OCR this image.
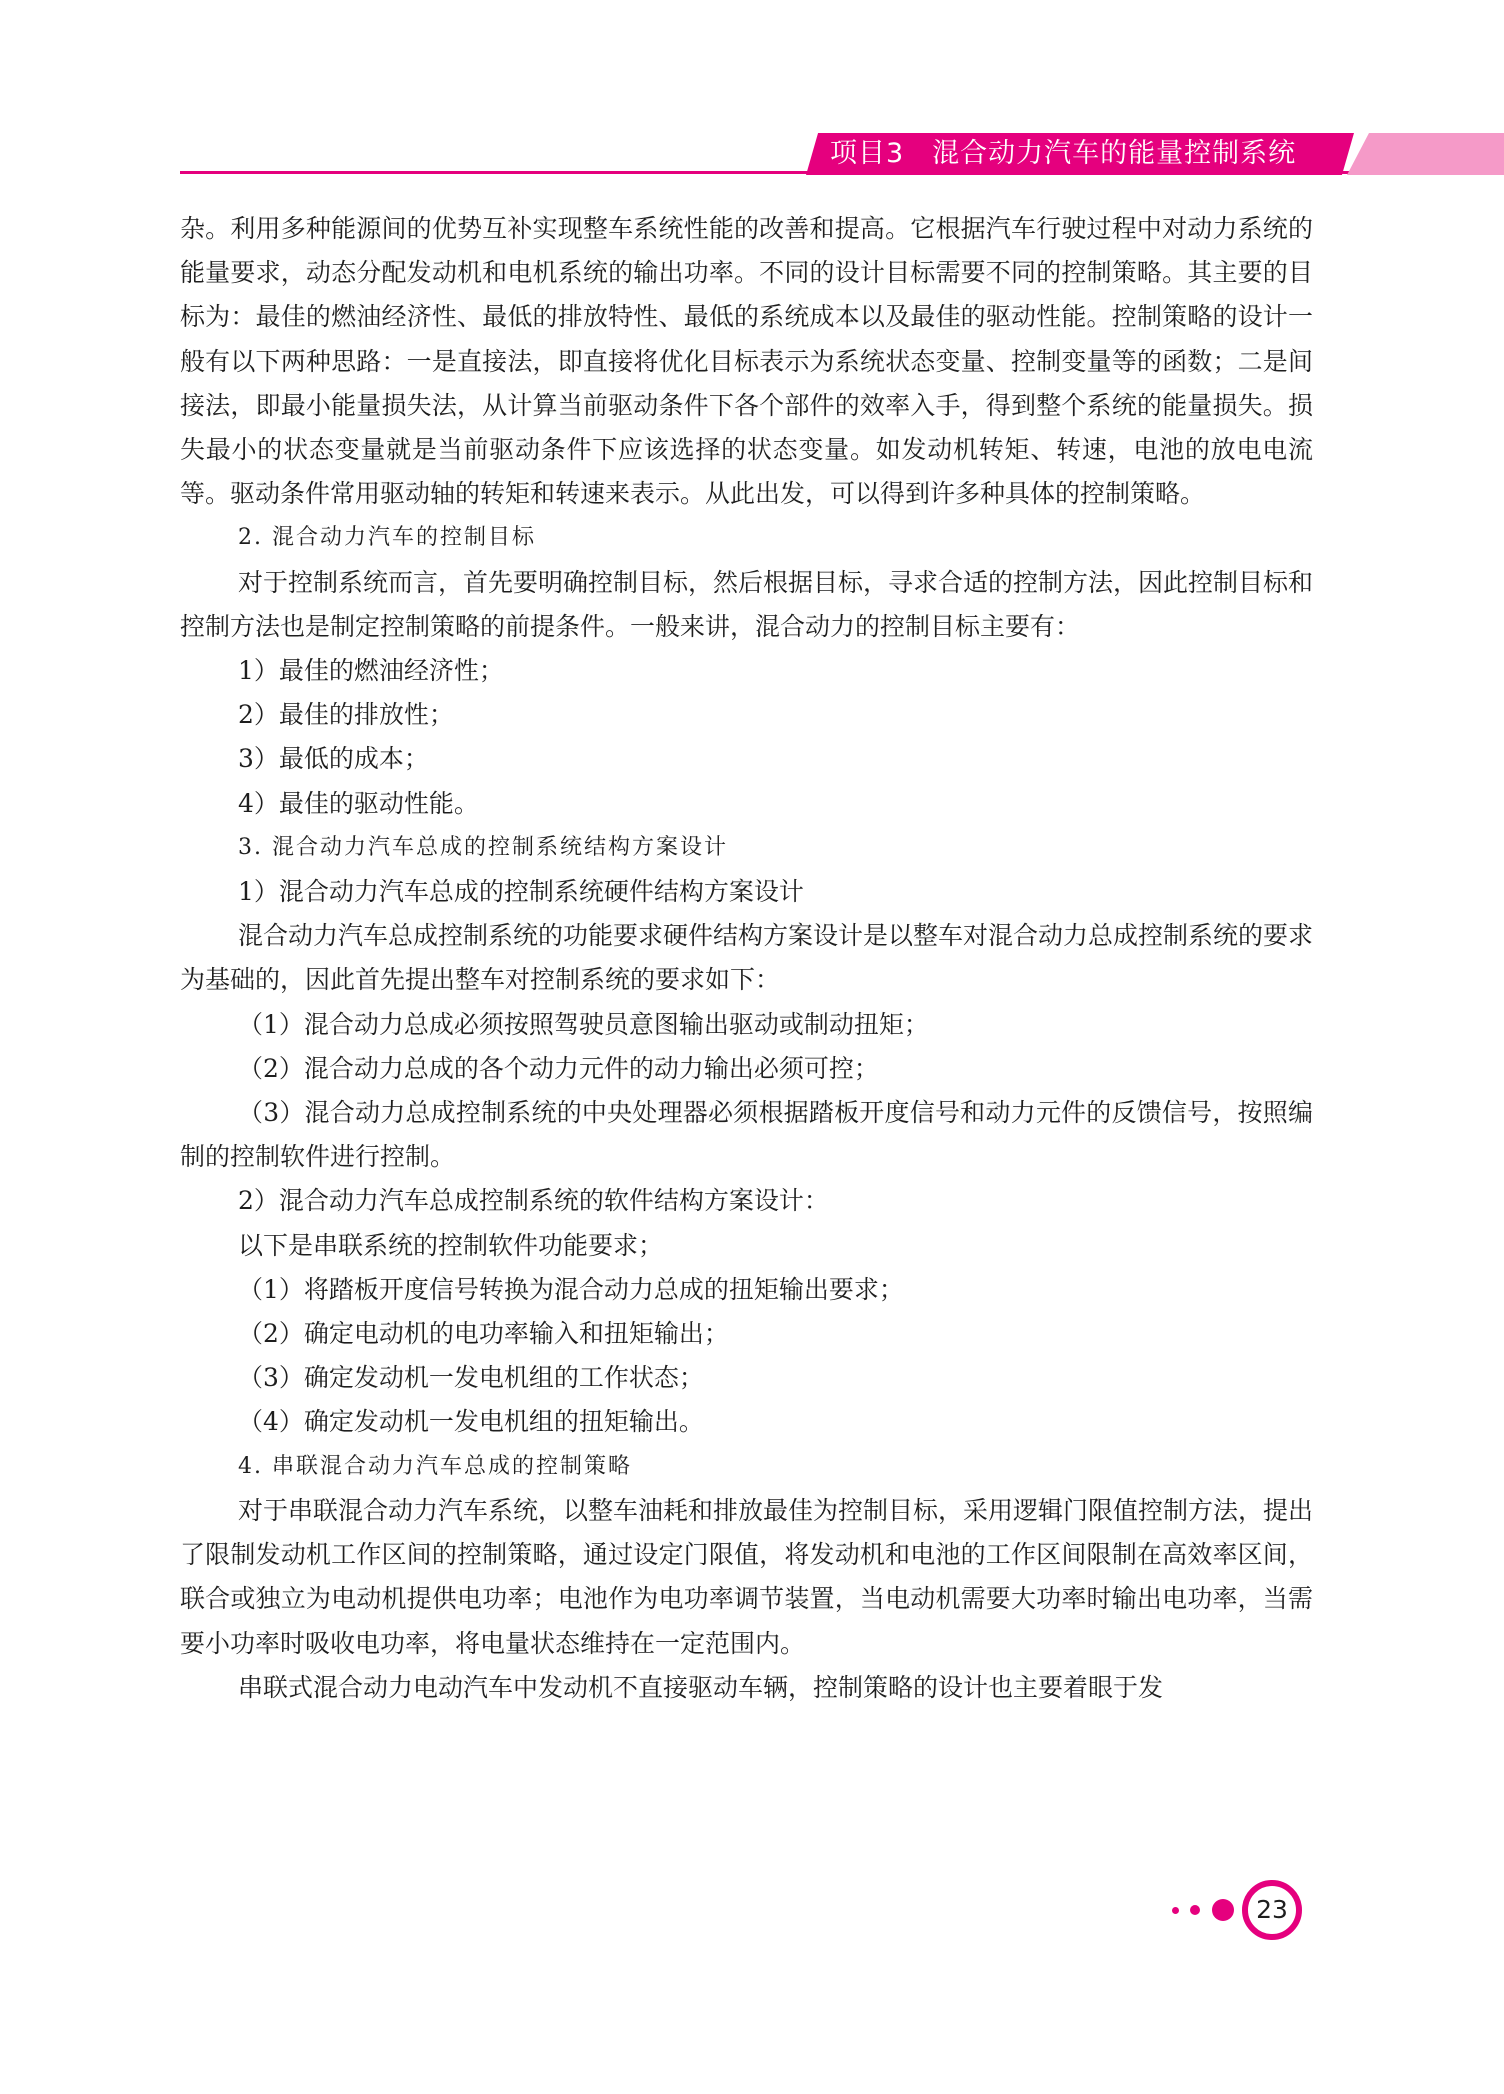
项目3　混合动力汽车的能量控制系统

杂。利用多种能源间的优势互补实现整车系统性能的改善和提高。它根据汽车行驶过程中对动力系统的能量要求，动态分配发动机和电机系统的输出功率。不同的设计目标需要不同的控制策略。其主要的目标为：最佳的燃油经济性、最低的排放特性、最低的系统成本以及最佳的驱动性能。控制策略的设计一般有以下两种思路：一是直接法，即直接将优化目标表示为系统状态变量、控制变量等的函数；二是间接法，即最小能量损失法，从计算当前驱动条件下各个部件的效率入手，得到整个系统的能量损失。损失最小的状态变量就是当前驱动条件下应该选择的状态变量。如发动机转矩、转速，电池的放电电流等。驱动条件常用驱动轴的转矩和转速来表示。从此出发，可以得到许多种具体的控制策略。

2. 混合动力汽车的控制目标

对于控制系统而言，首先要明确控制目标，然后根据目标，寻求合适的控制方法，因此控制目标和控制方法也是制定控制策略的前提条件。一般来讲，混合动力的控制目标主要有：

1）最佳的燃油经济性；

2）最佳的排放性；

3）最低的成本；

4）最佳的驱动性能。

3. 混合动力汽车总成的控制系统结构方案设计

1）混合动力汽车总成的控制系统硬件结构方案设计

混合动力汽车总成控制系统的功能要求硬件结构方案设计是以整车对混合动力总成控制系统的要求为基础的，因此首先提出整车对控制系统的要求如下：

（1）混合动力总成必须按照驾驶员意图输出驱动或制动扭矩；

（2）混合动力总成的各个动力元件的动力输出必须可控；

（3）混合动力总成控制系统的中央处理器必须根据踏板开度信号和动力元件的反馈信号，按照编制的控制软件进行控制。

2）混合动力汽车总成控制系统的软件结构方案设计：

以下是串联系统的控制软件功能要求；

（1）将踏板开度信号转换为混合动力总成的扭矩输出要求；

（2）确定电动机的电功率输入和扭矩输出；

（3）确定发动机一发电机组的工作状态；

（4）确定发动机一发电机组的扭矩输出。

4. 串联混合动力汽车总成的控制策略

对于串联混合动力汽车系统，以整车油耗和排放最佳为控制目标，采用逻辑门限值控制方法，提出了限制发动机工作区间的控制策略，通过设定门限值，将发动机和电池的工作区间限制在高效率区间，联合或独立为电动机提供电功率；电池作为电功率调节装置，当电动机需要大功率时输出电功率，当需要小功率时吸收电功率，将电量状态维持在一定范围内。

串联式混合动力电动汽车中发动机不直接驱动车辆，控制策略的设计也主要着眼于发

23
